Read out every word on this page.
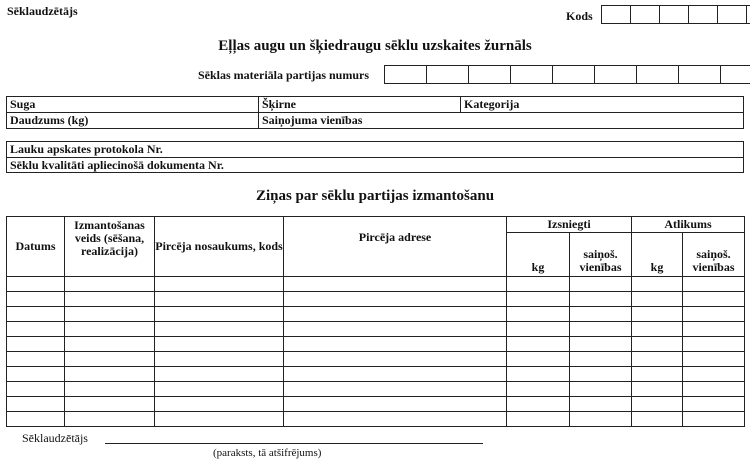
Sēklaudzētājs	Kods
Eļļas augu un šķiedraugu sēklu uzskaites žurnāls
Sēklas materiāla partijas numurs
Suga	Šķirne	Kategorija
Daudzums (kg)	Saiņojuma vienības
Lauku apskates protokola Nr.
Sēklu kvalitāti apliecinošā dokumenta Nr.
Ziņas par sēklu partijas izmantošanu
Datums	Izmantošanas veids (sēšana, realizācija)	Pircēja nosaukums, kods	Pircēja adrese	Izsniegti		Atlikums	
				kg	saiņoš. vienības	kg	saiņoš. vienības

Sēklaudzētājs
(paraksts, tā atšifrējums)
